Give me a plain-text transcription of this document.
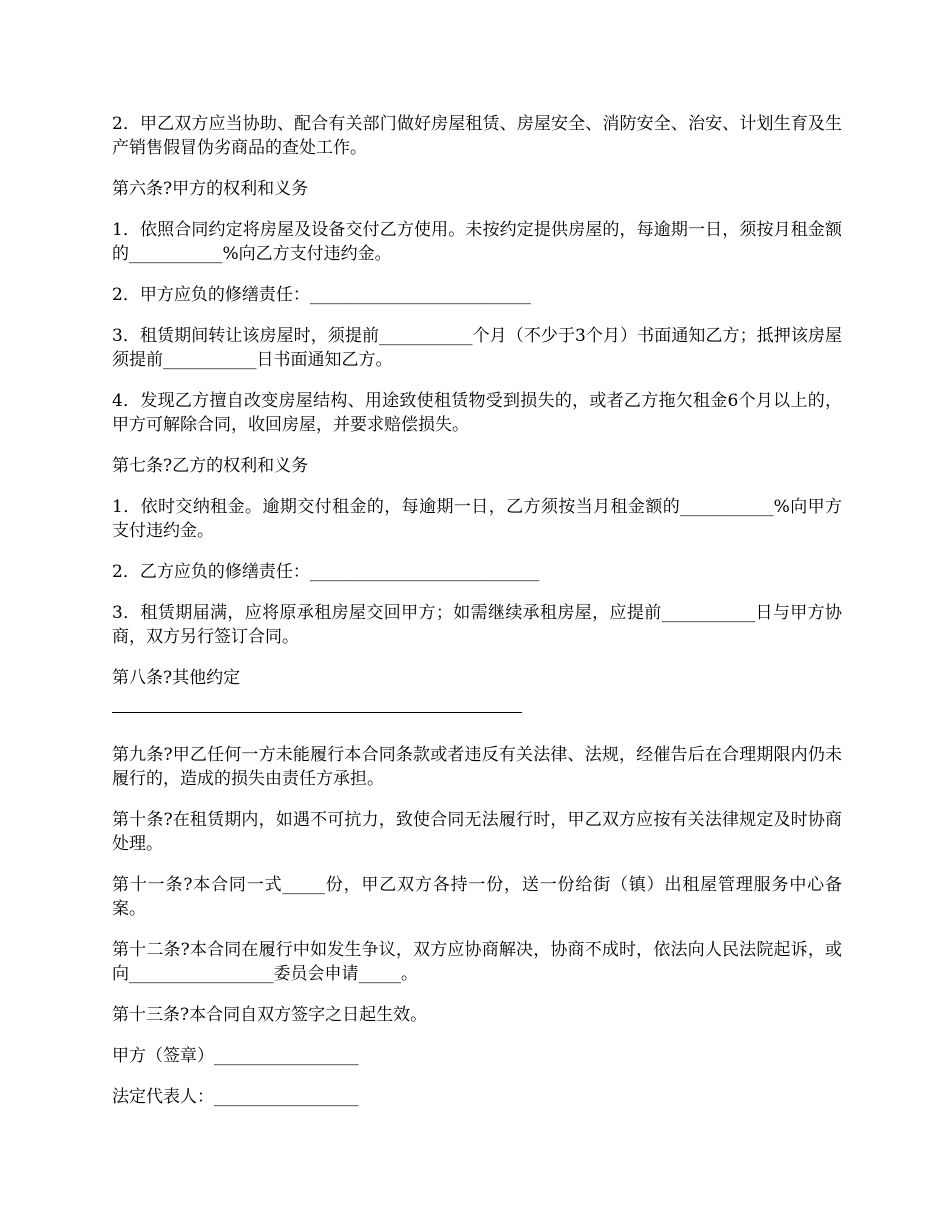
2．甲乙双方应当协助、配合有关部门做好房屋租赁、房屋安全、消防安全、治安、计划生育及生产销售假冒伪劣商品的查处工作。

第六条?甲方的权利和义务

1．依照合同约定将房屋及设备交付乙方使用。未按约定提供房屋的，每逾期一日，须按月租金额的___________%向乙方支付违约金。

2．甲方应负的修缮责任：__________________________

3．租赁期间转让该房屋时，须提前___________个月（不少于3个月）书面通知乙方；抵押该房屋须提前___________日书面通知乙方。

4．发现乙方擅自改变房屋结构、用途致使租赁物受到损失的，或者乙方拖欠租金6个月以上的，甲方可解除合同，收回房屋，并要求赔偿损失。

第七条?乙方的权利和义务

1．依时交纳租金。逾期交付租金的，每逾期一日，乙方须按当月租金额的___________%向甲方支付违约金。

2．乙方应负的修缮责任：___________________________

3．租赁期届满，应将原承租房屋交回甲方；如需继续承租房屋，应提前___________日与甲方协商，双方另行签订合同。

第八条?其他约定

第九条?甲乙任何一方未能履行本合同条款或者违反有关法律、法规，经催告后在合理期限内仍未履行的，造成的损失由责任方承担。

第十条?在租赁期内，如遇不可抗力，致使合同无法履行时，甲乙双方应按有关法律规定及时协商处理。

第十一条?本合同一式_____份，甲乙双方各持一份，送一份给街（镇）出租屋管理服务中心备案。

第十二条?本合同在履行中如发生争议，双方应协商解决，协商不成时，依法向人民法院起诉，或向_________________委员会申请_____。

第十三条?本合同自双方签字之日起生效。

甲方（签章）_________________

法定代表人：_________________
